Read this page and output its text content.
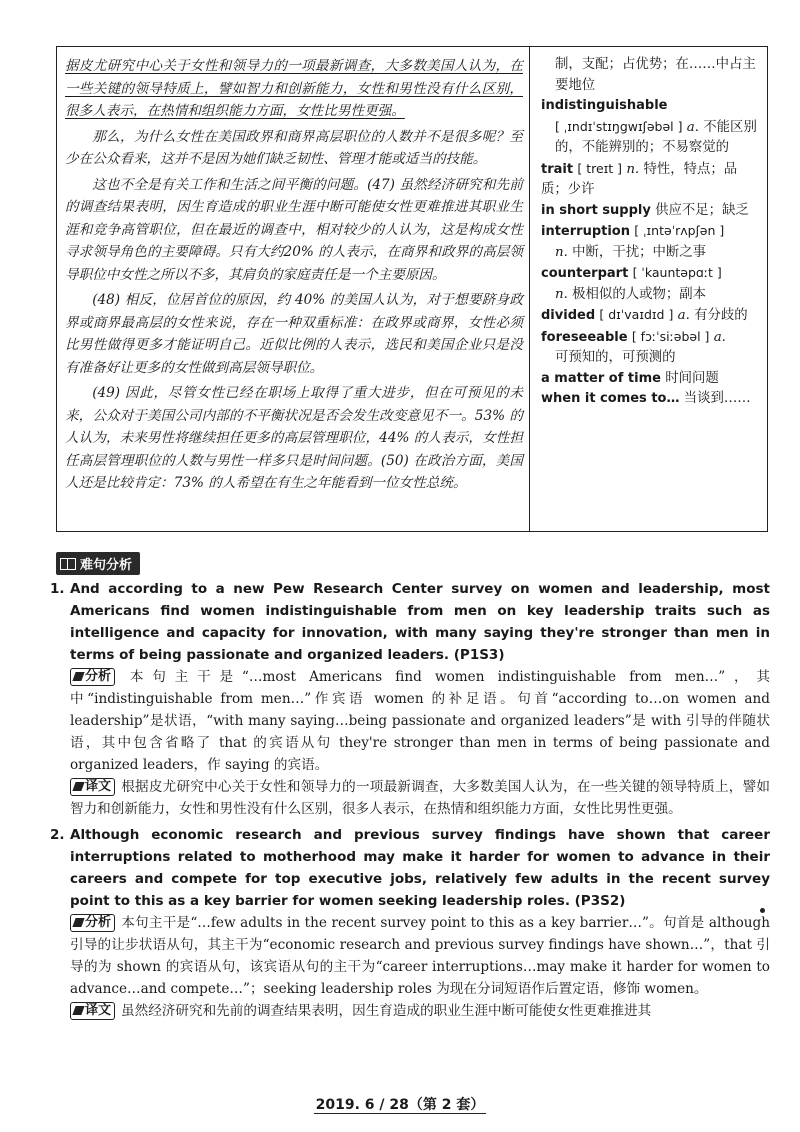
据皮尤研究中心关于女性和领导力的一项最新调查，大多数美国人认为，在一些关键的领导特质上，譬如智力和创新能力，女性和男性没有什么区别，很多人表示，在热情和组织能力方面，女性比男性更强。

那么，为什么女性在美国政界和商界高层职位的人数并不是很多呢？至少在公众看来，这并不是因为她们缺乏韧性、管理才能或适当的技能。

这也不全是有关工作和生活之间平衡的问题。(47) 虽然经济研究和先前的调查结果表明，因生育造成的职业生涯中断可能使女性更难推进其职业生涯和竞争高管职位，但在最近的调查中，相对较少的人认为，这是构成女性寻求领导角色的主要障碍。只有大约20% 的人表示，在商界和政界的高层领导职位中女性之所以不多，其肩负的家庭责任是一个主要原因。

(48) 相反，位居首位的原因，约 40% 的美国人认为，对于想要跻身政界或商界最高层的女性来说，存在一种双重标准：在政界或商界，女性必须比男性做得更多才能证明自己。近似比例的人表示，选民和美国企业只是没有准备好让更多的女性做到高层领导职位。

(49) 因此，尽管女性已经在职场上取得了重大进步，但在可预见的未来，公众对于美国公司内部的不平衡状况是否会发生改变意见不一。53% 的人认为，未来男性将继续担任更多的高层管理职位，44% 的人表示，女性担任高层管理职位的人数与男性一样多只是时间问题。(50) 在政治方面，美国人还是比较肯定：73% 的人希望在有生之年能看到一位女性总统。

制，支配；占优势；在……中占主要地位
indistinguishable
[ ˌɪndɪˈstɪŋgwɪʃəbəl ] a. 不能区别的，不能辨别的；不易察觉的
trait [ treɪt ] n. 特性，特点；品质；少许
in short supply 供应不足；缺乏
interruption [ ˌɪntəˈrʌpʃən ]
n. 中断，干扰；中断之事
counterpart [ ˈkauntəpɑːt ]
n. 极相似的人或物；副本
divided [ dɪˈvaɪdɪd ] a. 有分歧的
foreseeable [ fɔːˈsiːəbəl ] a.
可预知的，可预测的
a matter of time 时间问题
when it comes to… 当谈到……
难句分析
1. And according to a new Pew Research Center survey on women and leadership, most Americans find women indistinguishable from men on key leadership traits such as intelligence and capacity for innovation, with many saying they're stronger than men in terms of being passionate and organized leaders. (P1S3)
分析 本句主干是“…most Americans find women indistinguishable from men…”，其中“indistinguishable from men…”作宾语 women 的补足语。句首“according to…on women and leadership”是状语，“with many saying…being passionate and organized leaders”是 with 引导的伴随状语，其中包含省略了 that 的宾语从句 they're stronger than men in terms of being passionate and organized leaders，作 saying 的宾语。
译文 根据皮尤研究中心关于女性和领导力的一项最新调查，大多数美国人认为，在一些关键的领导特质上，譬如智力和创新能力，女性和男性没有什么区别，很多人表示，在热情和组织能力方面，女性比男性更强。
2. Although economic research and previous survey findings have shown that career interruptions related to motherhood may make it harder for women to advance in their careers and compete for top executive jobs, relatively few adults in the recent survey point to this as a key barrier for women seeking leadership roles. (P3S2)
分析 本句主干是“…few adults in the recent survey point to this as a key barrier…”。句首是 although 引导的让步状语从句，其主干为“economic research and previous survey findings have shown…”，that 引导的为 shown 的宾语从句，该宾语从句的主干为“career interruptions…may make it harder for women to advance…and compete…”；seeking leadership roles 为现在分词短语作后置定语，修饰 women。
译文 虽然经济研究和先前的调查结果表明，因生育造成的职业生涯中断可能使女性更难推进其
2019. 6 / 28（第 2 套）
